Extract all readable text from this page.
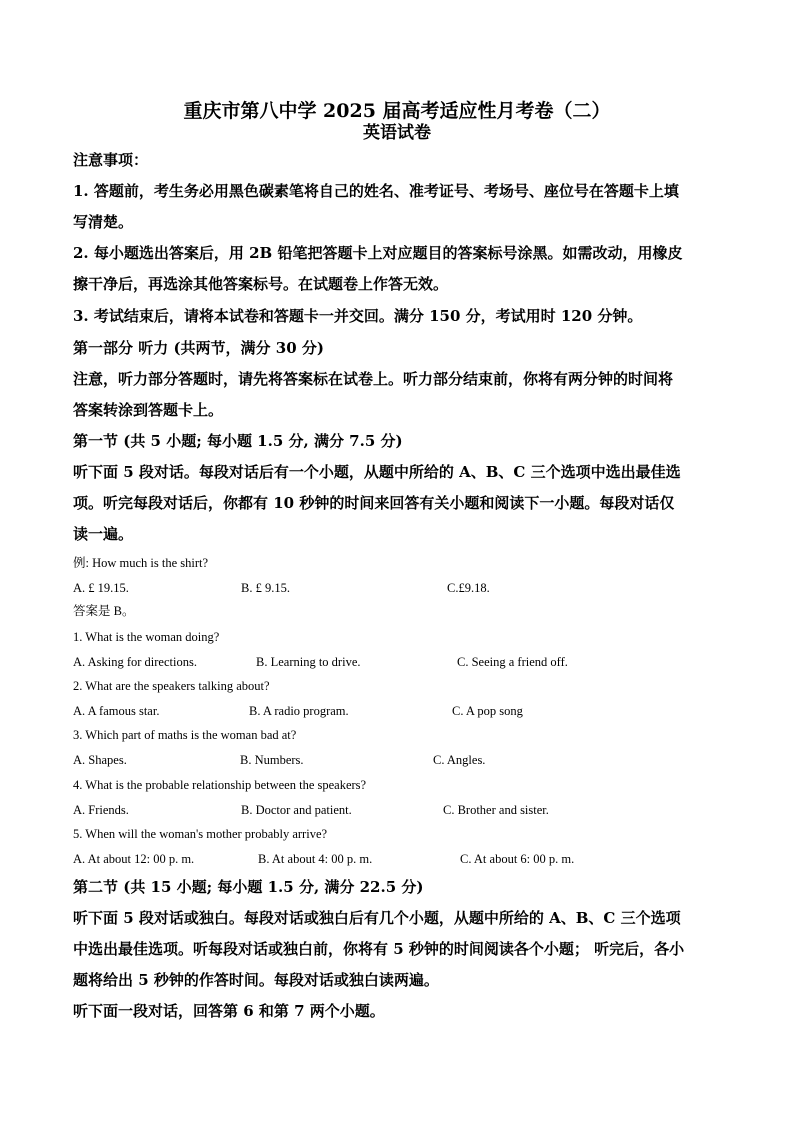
重庆市第八中学 2025 届高考适应性月考卷（二）
英语试卷
注意事项：
1. 答题前，考生务必用黑色碳素笔将自己的姓名、准考证号、考场号、座位号在答题卡上填
写清楚。
2. 每小题选出答案后，用 2B 铅笔把答题卡上对应题目的答案标号涂黑。如需改动，用橡皮
擦干净后，再选涂其他答案标号。在试题卷上作答无效。
3. 考试结束后，请将本试卷和答题卡一并交回。满分 150 分，考试用时 120 分钟。
第一部分 听力 (共两节，满分 30 分)
注意，听力部分答题时，请先将答案标在试卷上。听力部分结束前，你将有两分钟的时间将
答案转涂到答题卡上。
第一节 (共 5 小题; 每小题 1.5 分, 满分 7.5 分)
听下面 5 段对话。每段对话后有一个小题，从题中所给的 A、B、C 三个选项中选出最佳选
项。听完每段对话后，你都有 10 秒钟的时间来回答有关小题和阅读下一小题。每段对话仅
读一遍。
例: How much is the shirt?
A. £ 19.15.	B. £ 9.15.	C.£9.18.
答案是 B。
1. What is the woman doing?
A. Asking for directions.	B. Learning to drive.	C. Seeing a friend off.
2. What are the speakers talking about?
A. A famous star.	B. A radio program.	C. A pop song
3. Which part of maths is the woman bad at?
A. Shapes.	B. Numbers.	C. Angles.
4. What is the probable relationship between the speakers?
A. Friends.	B. Doctor and patient.	C. Brother and sister.
5. When will the woman's mother probably arrive?
A. At about 12: 00 p. m.	B. At about 4: 00 p. m.	C. At about 6: 00 p. m.
第二节 (共 15 小题; 每小题 1.5 分, 满分 22.5 分)
听下面 5 段对话或独白。每段对话或独白后有几个小题，从题中所给的 A、B、C 三个选项
中选出最佳选项。听每段对话或独白前，你将有 5 秒钟的时间阅读各个小题； 听完后，各小
题将给出 5 秒钟的作答时间。每段对话或独白读两遍。
听下面一段对话，回答第 6 和第 7 两个小题。
